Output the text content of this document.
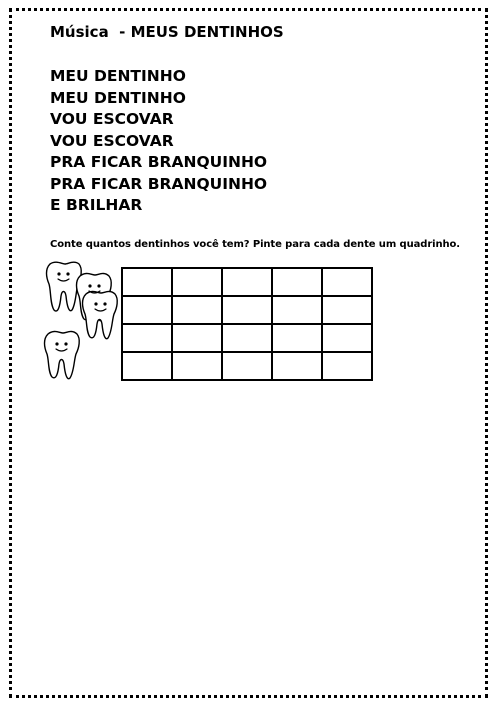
Música  - MEUS DENTINHOS
MEU DENTINHO
MEU DENTINHO
VOU ESCOVAR
VOU ESCOVAR
PRA FICAR BRANQUINHO
PRA FICAR BRANQUINHO
E BRILHAR
Conte quantos dentinhos você tem? Pinte para cada dente um quadrinho.
